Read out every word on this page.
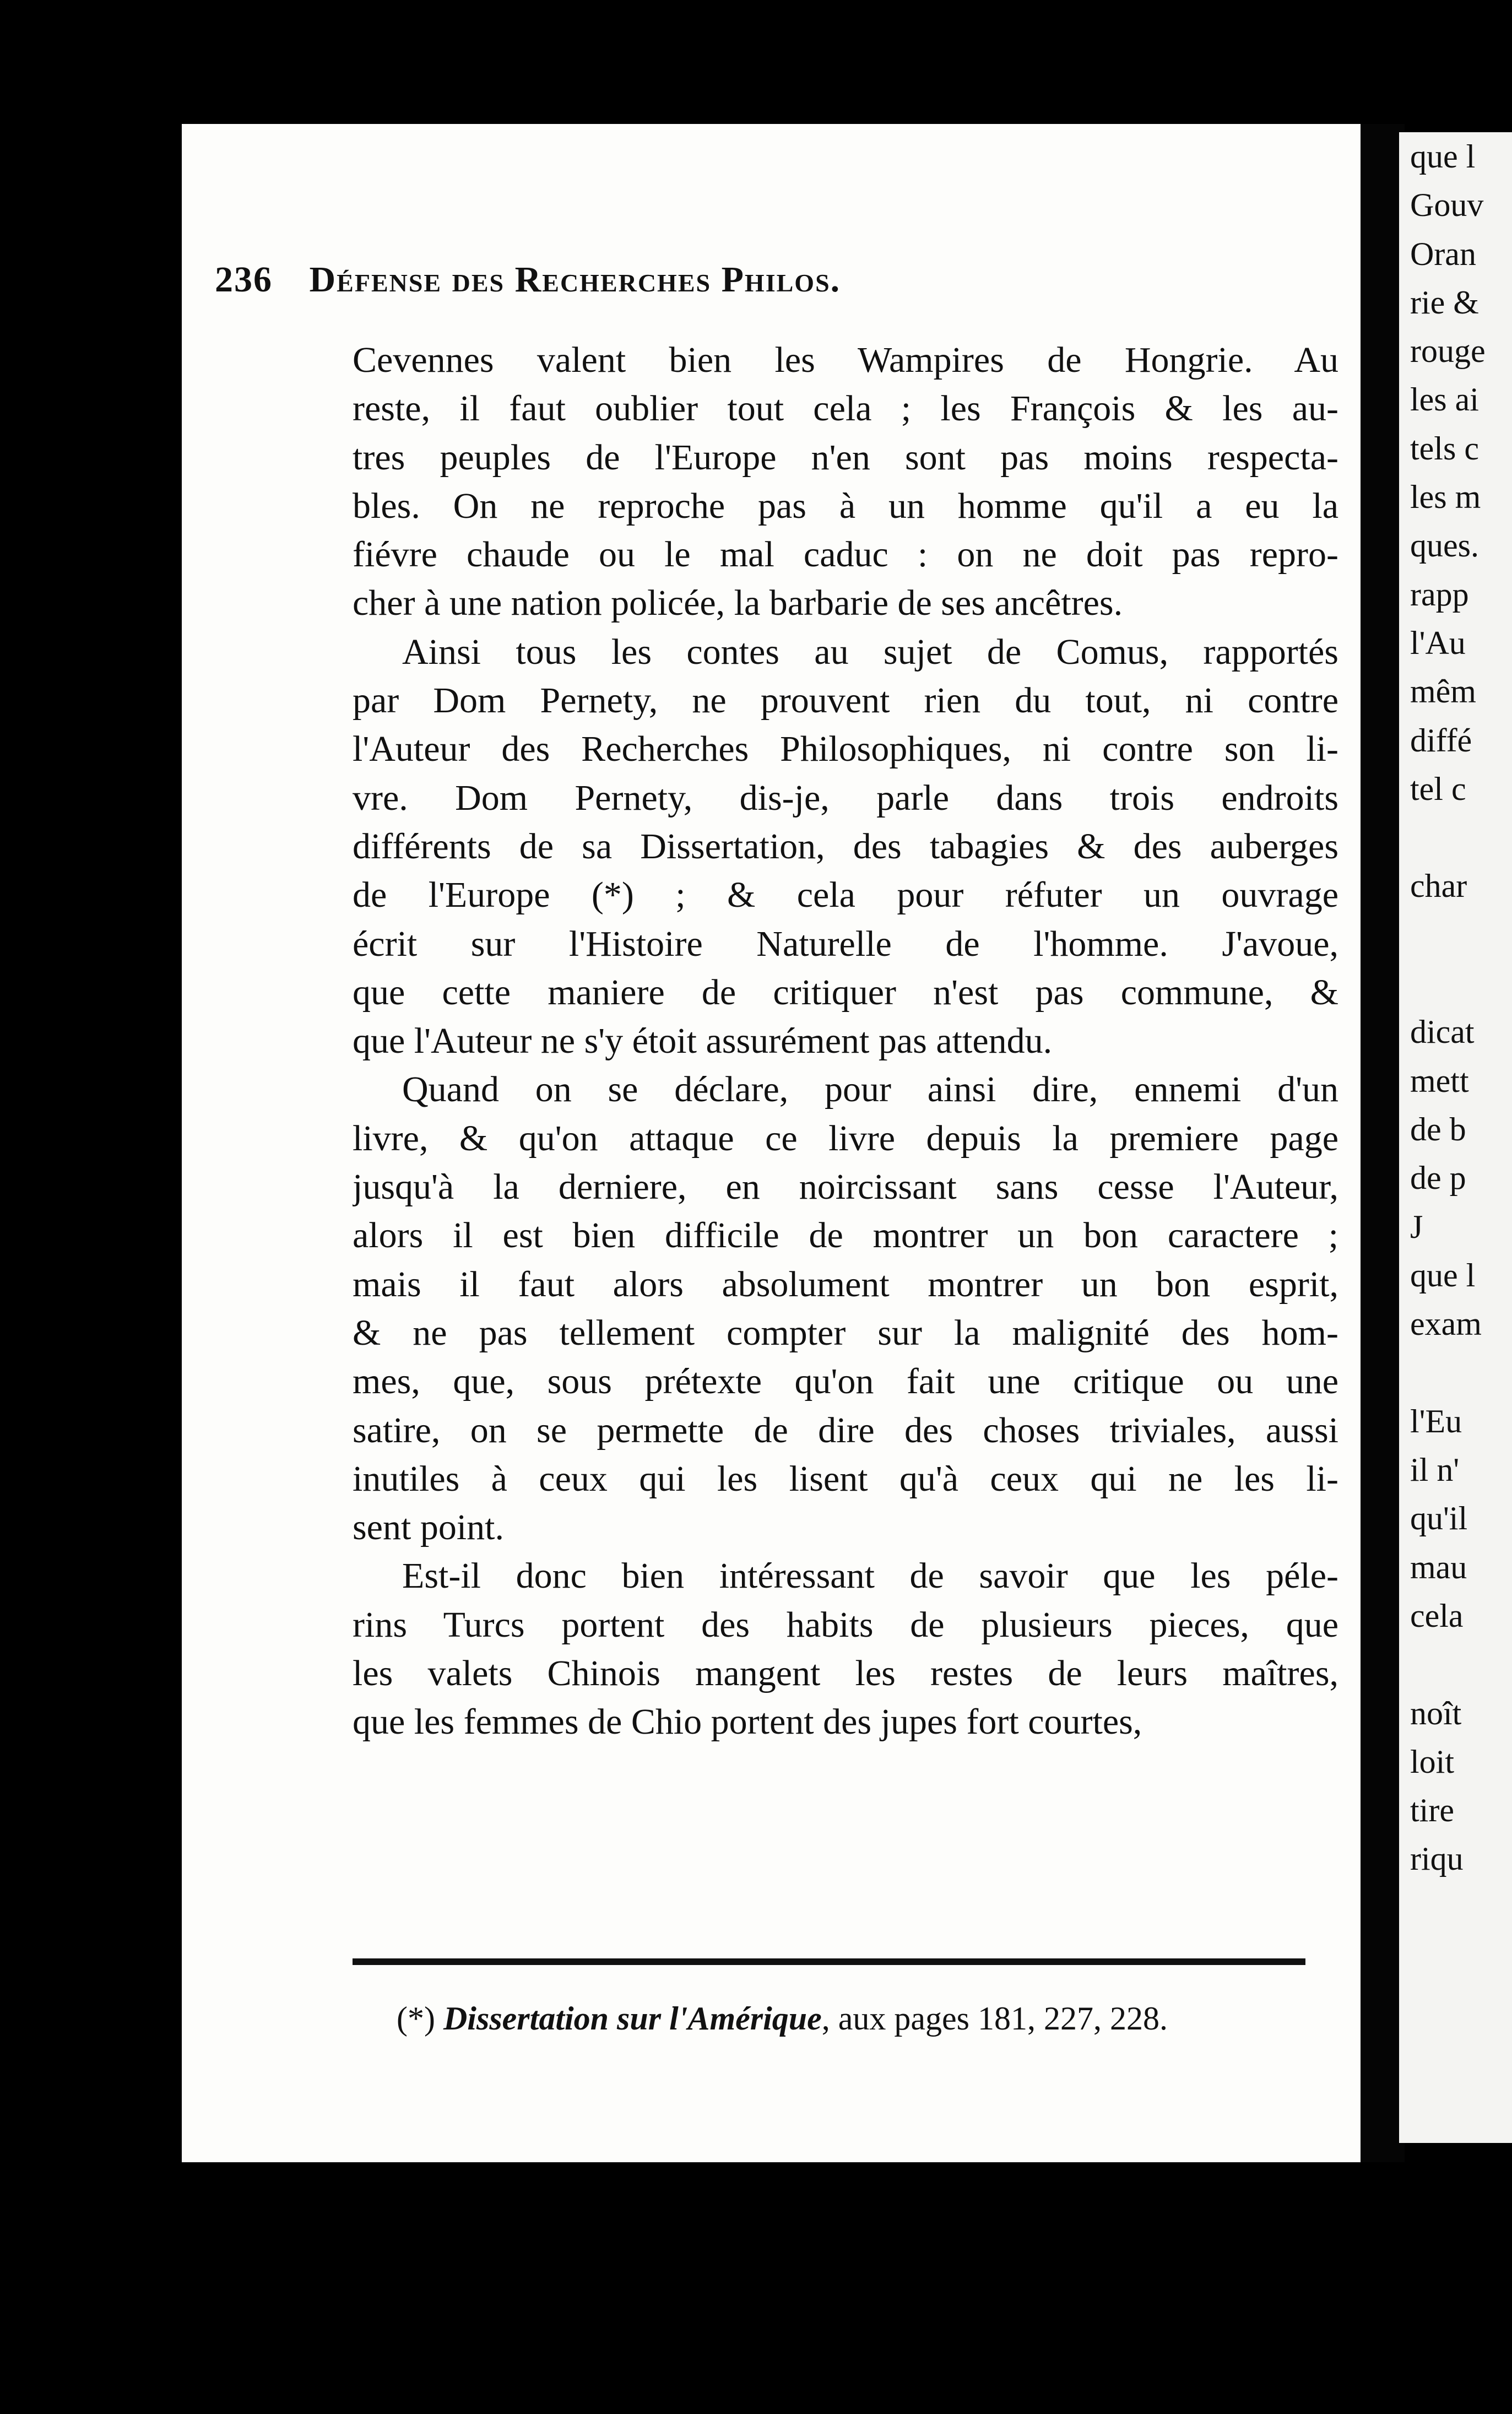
que l
Gouv
Oran
rie &
rouge
les ai
tels c
les m
ques.
rapp
l'Au
mêm
diffé
tel c
char
dicat
mett
de b
de p
J
que l
exam
l'Eu
il n'
qu'il
mau
cela
noît
loit
tire
riqu
236 Défense des Recherches Philos.
Cevennes valent bien les Wampires de Hongrie. Au
reste, il faut oublier tout cela ; les François & les au-
tres peuples de l'Europe n'en sont pas moins respecta-
bles. On ne reproche pas à un homme qu'il a eu la
fiévre chaude ou le mal caduc : on ne doit pas repro-
cher à une nation policée, la barbarie de ses ancêtres.
Ainsi tous les contes au sujet de Comus, rapportés
par Dom Pernety, ne prouvent rien du tout, ni contre
l'Auteur des Recherches Philosophiques, ni contre son li-
vre. Dom Pernety, dis-je, parle dans trois endroits
différents de sa Dissertation, des tabagies & des auberges
de l'Europe (*) ; & cela pour réfuter un ouvrage
écrit sur l'Histoire Naturelle de l'homme. J'avoue,
que cette maniere de critiquer n'est pas commune, &
que l'Auteur ne s'y étoit assurément pas attendu.
Quand on se déclare, pour ainsi dire, ennemi d'un
livre, & qu'on attaque ce livre depuis la premiere page
jusqu'à la derniere, en noircissant sans cesse l'Auteur,
alors il est bien difficile de montrer un bon caractere ;
mais il faut alors absolument montrer un bon esprit,
& ne pas tellement compter sur la malignité des hom-
mes, que, sous prétexte qu'on fait une critique ou une
satire, on se permette de dire des choses triviales, aussi
inutiles à ceux qui les lisent qu'à ceux qui ne les li-
sent point.
Est-il donc bien intéressant de savoir que les péle-
rins Turcs portent des habits de plusieurs pieces, que
les valets Chinois mangent les restes de leurs maîtres,
que les femmes de Chio portent des jupes fort courtes,
(*) Dissertation sur l'Amérique, aux pages 181, 227, 228.
